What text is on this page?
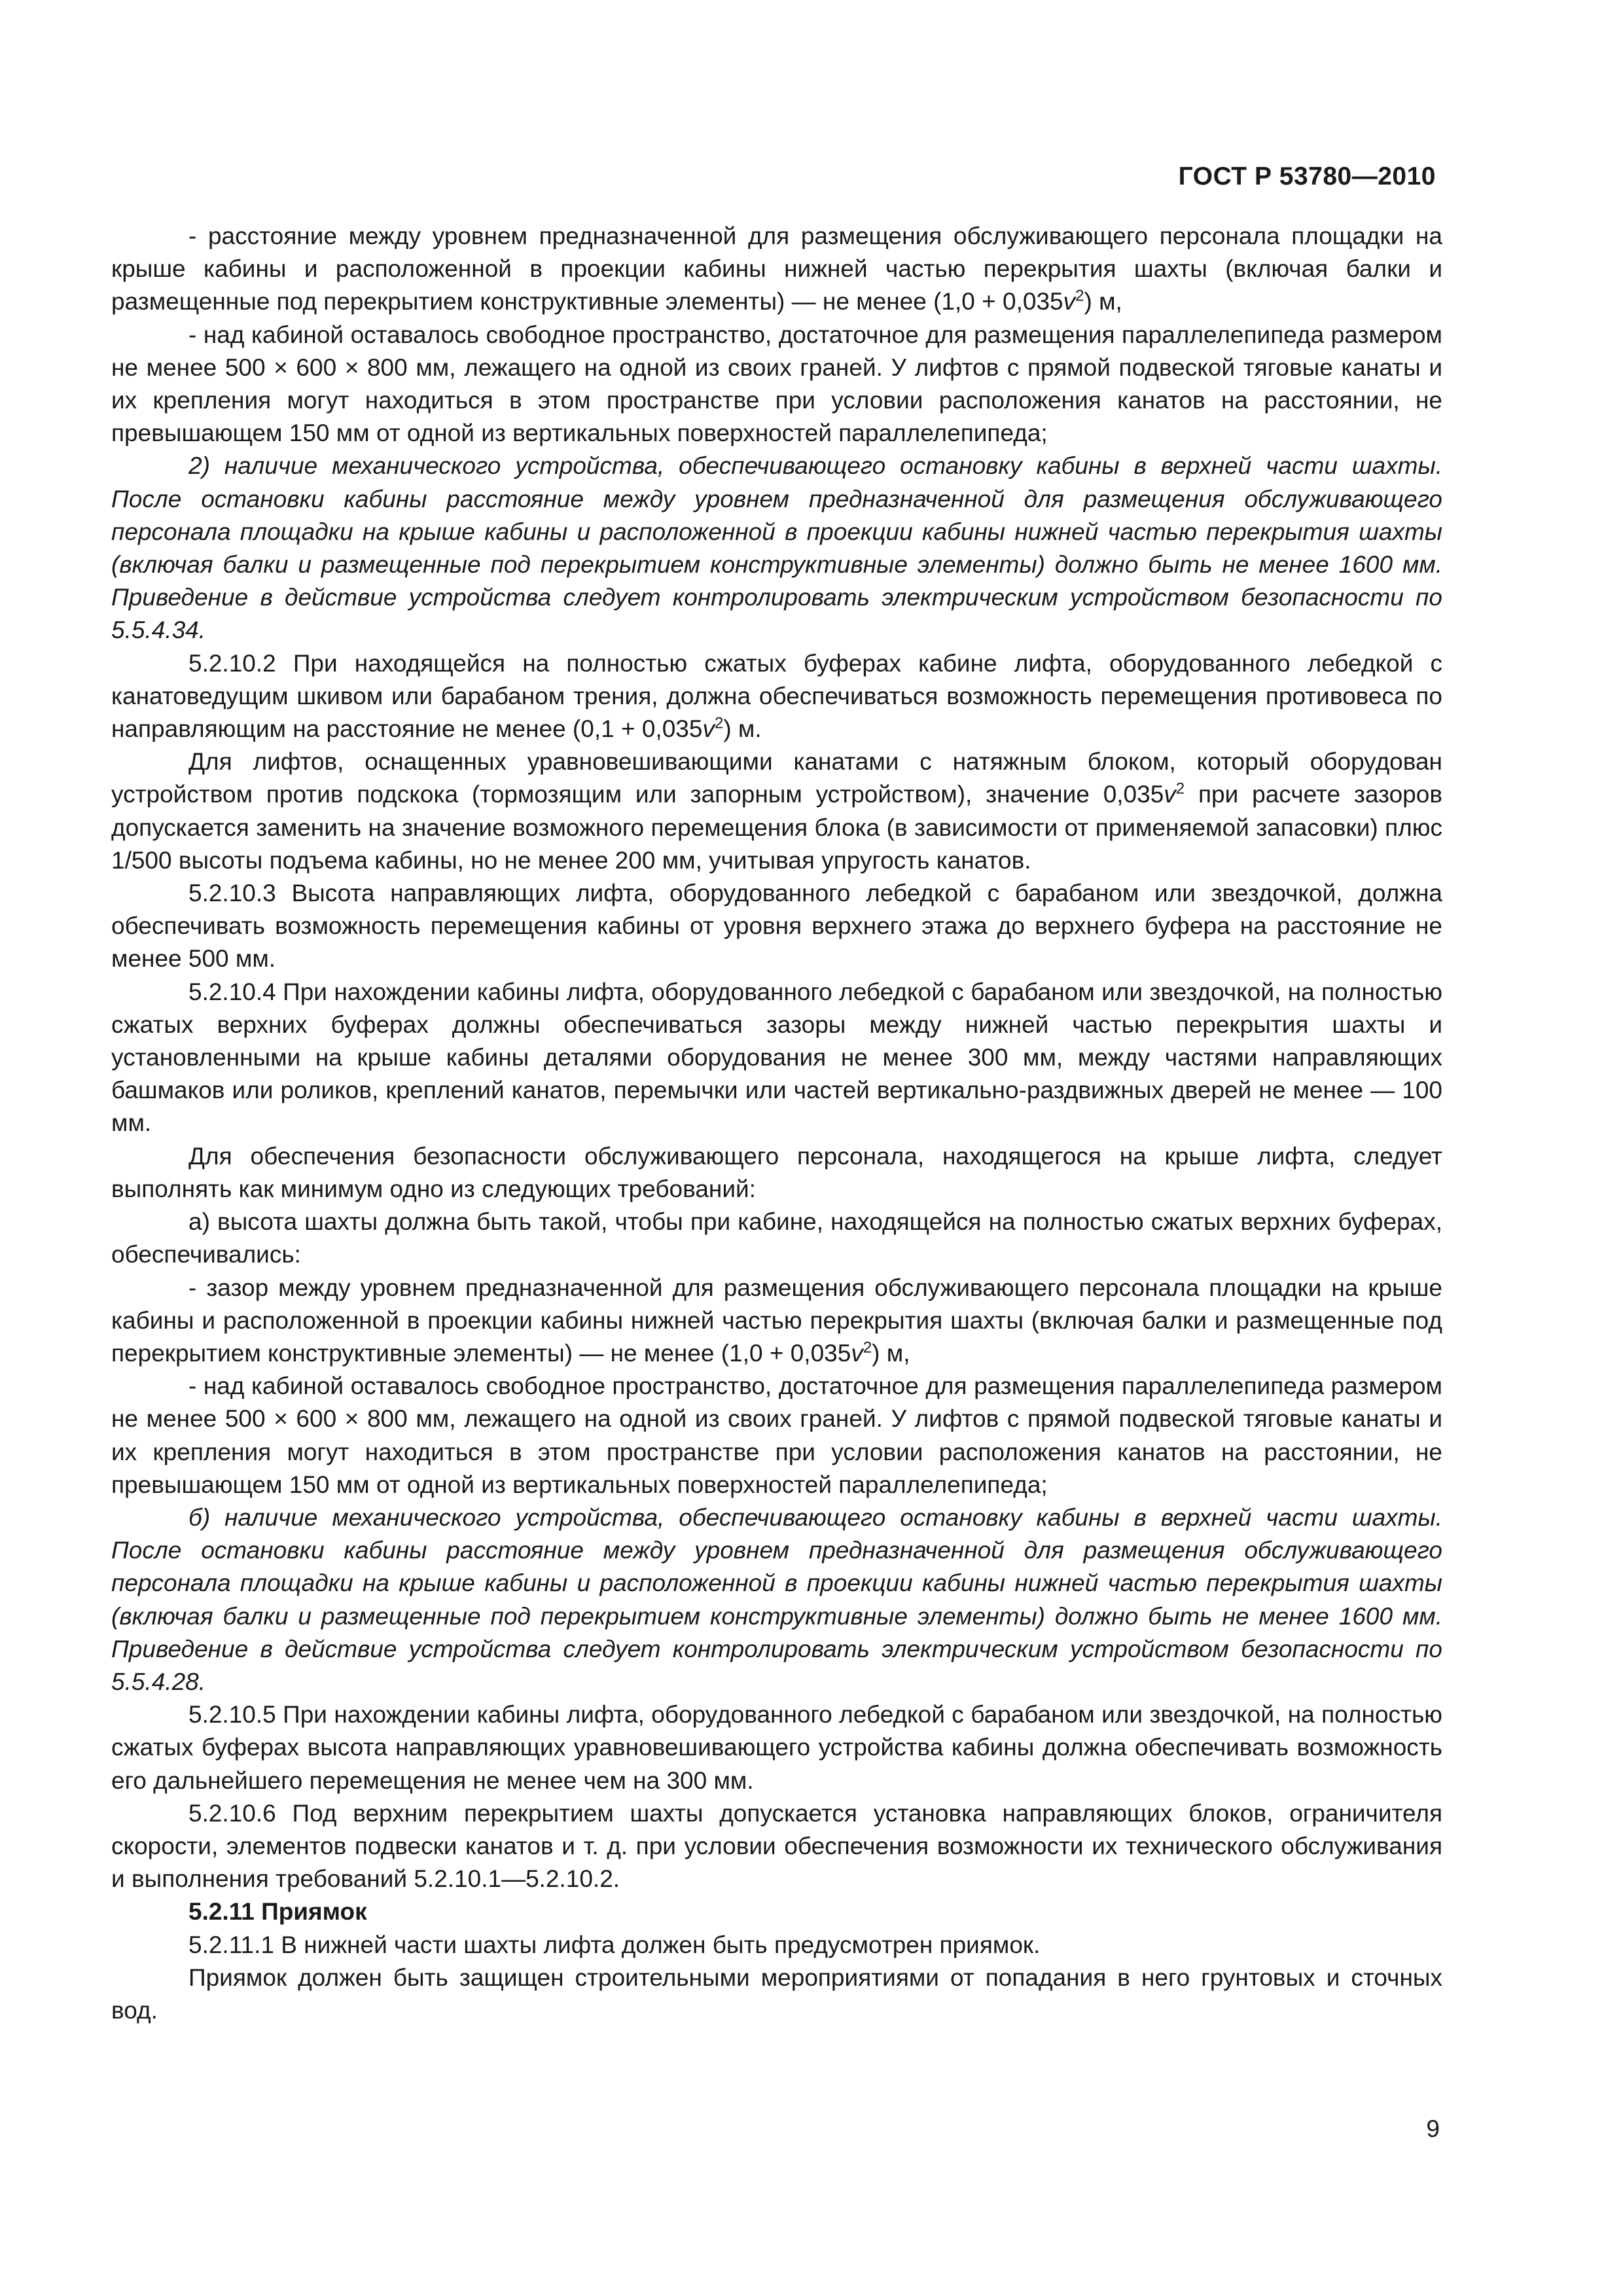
ГОСТ Р 53780—2010

- расстояние между уровнем предназначенной для размещения обслуживающего персонала площадки на крыше кабины и расположенной в проекции кабины нижней частью перекрытия шахты (включая балки и размещенные под перекрытием конструктивные элементы) — не менее $(1,0 + 0,035v^2)$ м,

- над кабиной оставалось свободное пространство, достаточное для размещения параллелепипеда размером не менее 500 × 600 × 800 мм, лежащего на одной из своих граней. У лифтов с прямой подвеской тяговые канаты и их крепления могут находиться в этом пространстве при условии расположения канатов на расстоянии, не превышающем 150 мм от одной из вертикальных поверхностей параллелепипеда;

2) наличие механического устройства, обеспечивающего остановку кабины в верхней части шахты. После остановки кабины расстояние между уровнем предназначенной для размещения обслуживающего персонала площадки на крыше кабины и расположенной в проекции кабины нижней частью перекрытия шахты (включая балки и размещенные под перекрытием конструктивные элементы) должно быть не менее 1600 мм. Приведение в действие устройства следует контролировать электрическим устройством безопасности по 5.5.4.34.

5.2.10.2 При находящейся на полностью сжатых буферах кабине лифта, оборудованного лебедкой с канатоведущим шкивом или барабаном трения, должна обеспечиваться возможность перемещения противовеса по направляющим на расстояние не менее $(0,1 + 0,035v^2)$ м.

Для лифтов, оснащенных уравновешивающими канатами с натяжным блоком, который оборудован устройством против подскока (тормозящим или запорным устройством), значение $0,035v^2$ при расчете зазоров допускается заменить на значение возможного перемещения блока (в зависимости от применяемой запасовки) плюс 1/500 высоты подъема кабины, но не менее 200 мм, учитывая упругость канатов.

5.2.10.3 Высота направляющих лифта, оборудованного лебедкой с барабаном или звездочкой, должна обеспечивать возможность перемещения кабины от уровня верхнего этажа до верхнего буфера на расстояние не менее 500 мм.

5.2.10.4 При нахождении кабины лифта, оборудованного лебедкой с барабаном или звездочкой, на полностью сжатых верхних буферах должны обеспечиваться зазоры между нижней частью перекрытия шахты и установленными на крыше кабины деталями оборудования не менее 300 мм, между частями направляющих башмаков или роликов, креплений канатов, перемычки или частей вертикально-раздвижных дверей не менее — 100 мм.

Для обеспечения безопасности обслуживающего персонала, находящегося на крыше лифта, следует выполнять как минимум одно из следующих требований:

а) высота шахты должна быть такой, чтобы при кабине, находящейся на полностью сжатых верхних буферах, обеспечивались:

- зазор между уровнем предназначенной для размещения обслуживающего персонала площадки на крыше кабины и расположенной в проекции кабины нижней частью перекрытия шахты (включая балки и размещенные под перекрытием конструктивные элементы) — не менее $(1,0 + 0,035v^2)$ м,

- над кабиной оставалось свободное пространство, достаточное для размещения параллелепипеда размером не менее 500 × 600 × 800 мм, лежащего на одной из своих граней. У лифтов с прямой подвеской тяговые канаты и их крепления могут находиться в этом пространстве при условии расположения канатов на расстоянии, не превышающем 150 мм от одной из вертикальных поверхностей параллелепипеда;

б) наличие механического устройства, обеспечивающего остановку кабины в верхней части шахты. После остановки кабины расстояние между уровнем предназначенной для размещения обслуживающего персонала площадки на крыше кабины и расположенной в проекции кабины нижней частью перекрытия шахты (включая балки и размещенные под перекрытием конструктивные элементы) должно быть не менее 1600 мм. Приведение в действие устройства следует контролировать электрическим устройством безопасности по 5.5.4.28.

5.2.10.5 При нахождении кабины лифта, оборудованного лебедкой с барабаном или звездочкой, на полностью сжатых буферах высота направляющих уравновешивающего устройства кабины должна обеспечивать возможность его дальнейшего перемещения не менее чем на 300 мм.

5.2.10.6 Под верхним перекрытием шахты допускается установка направляющих блоков, ограничителя скорости, элементов подвески канатов и т. д. при условии обеспечения возможности их технического обслуживания и выполнения требований 5.2.10.1—5.2.10.2.

5.2.11 Приямок

5.2.11.1 В нижней части шахты лифта должен быть предусмотрен приямок.

Приямок должен быть защищен строительными мероприятиями от попадания в него грунтовых и сточных вод.

9
